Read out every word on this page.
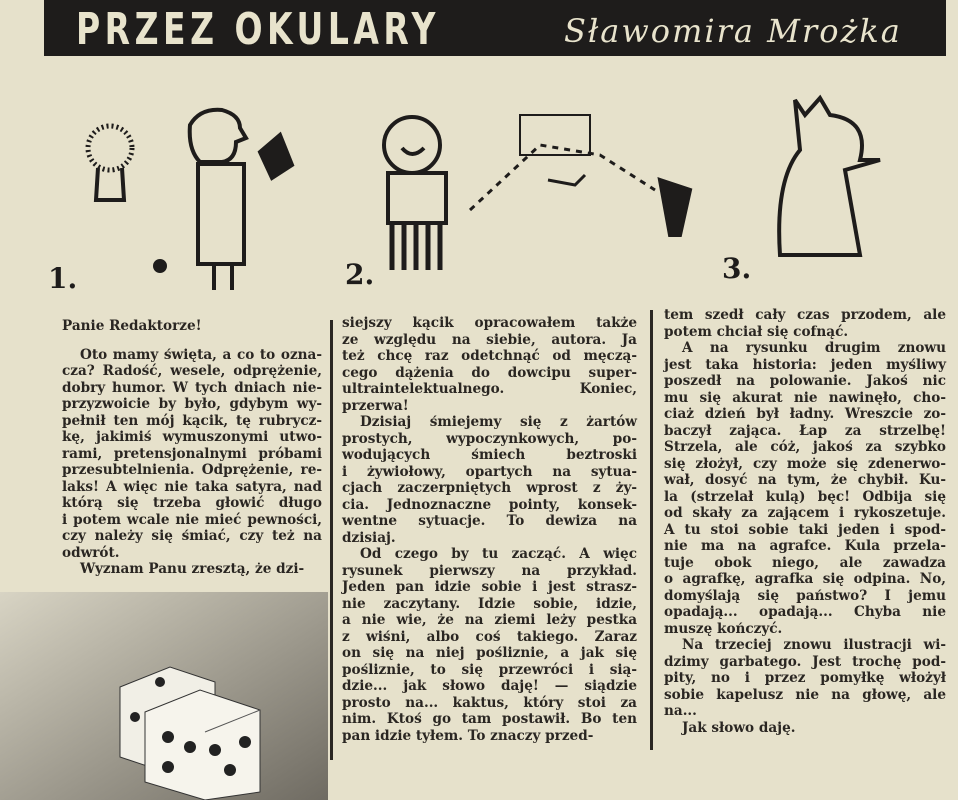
PRZEZ OKULARY	Sławomira Mrożka
1.	2.	3.
Panie Redaktorze!
Oto mamy święta, a co to ozna-
cza? Radość, wesele, odprężenie,
dobry humor. W tych dniach nie-
przyzwoicie by było, gdybym wy-
pełnił ten mój kącik, tę rubrycz-
kę, jakimiś wymuszonymi utwo-
rami, pretensjonalnymi próbami
przesubtelnienia. Odprężenie, re-
laks! A więc nie taka satyra, nad
którą się trzeba głowić długo
i potem wcale nie mieć pewności,
czy należy się śmiać, czy też na
odwrót.
Wyznam Panu zresztą, że dzi-
siejszy kącik opracowałem także
ze względu na siebie, autora. Ja
też chcę raz odetchnąć od męczą-
cego dążenia do dowcipu super-
ultraintelektualnego. Koniec,
przerwa!
Dzisiaj śmiejemy się z żartów
prostych, wypoczynkowych, po-
wodujących śmiech beztroski
i żywiołowy, opartych na sytua-
cjach zaczerpniętych wprost z ży-
cia. Jednoznaczne pointy, konsek-
wentne sytuacje. To dewiza na
dzisiaj.
Od czego by tu zacząć. A więc
rysunek pierwszy na przykład.
Jeden pan idzie sobie i jest strasz-
nie zaczytany. Idzie sobie, idzie,
a nie wie, że na ziemi leży pestka
z wiśni, albo coś takiego. Zaraz
on się na niej pośliznie, a jak się
pośliznie, to się przewróci i sią-
dzie... jak słowo daję! — siądzie
prosto na... kaktus, który stoi za
nim. Ktoś go tam postawił. Bo ten
pan idzie tyłem. To znaczy przed-
tem szedł cały czas przodem, ale
potem chciał się cofnąć.
A na rysunku drugim znowu
jest taka historia: jeden myśliwy
poszedł na polowanie. Jakoś nic
mu się akurat nie nawinęło, cho-
ciaż dzień był ładny. Wreszcie zo-
baczył zająca. Łap za strzelbę!
Strzela, ale cóż, jakoś za szybko
się złożył, czy może się zdenerwo-
wał, dosyć na tym, że chybił. Ku-
la (strzelał kulą) bęc! Odbija się
od skały za zającem i rykoszetuje.
A tu stoi sobie taki jeden i spod-
nie ma na agrafce. Kula przela-
tuje obok niego, ale zawadza
o agrafkę, agrafka się odpina. No,
domyślają się państwo? I jemu
opadają... opadają... Chyba nie
muszę kończyć.
Na trzeciej znowu ilustracji wi-
dzimy garbatego. Jest trochę pod-
pity, no i przez pomyłkę włożył
sobie kapelusz nie na głowę, ale
na...
Jak słowo daję.
